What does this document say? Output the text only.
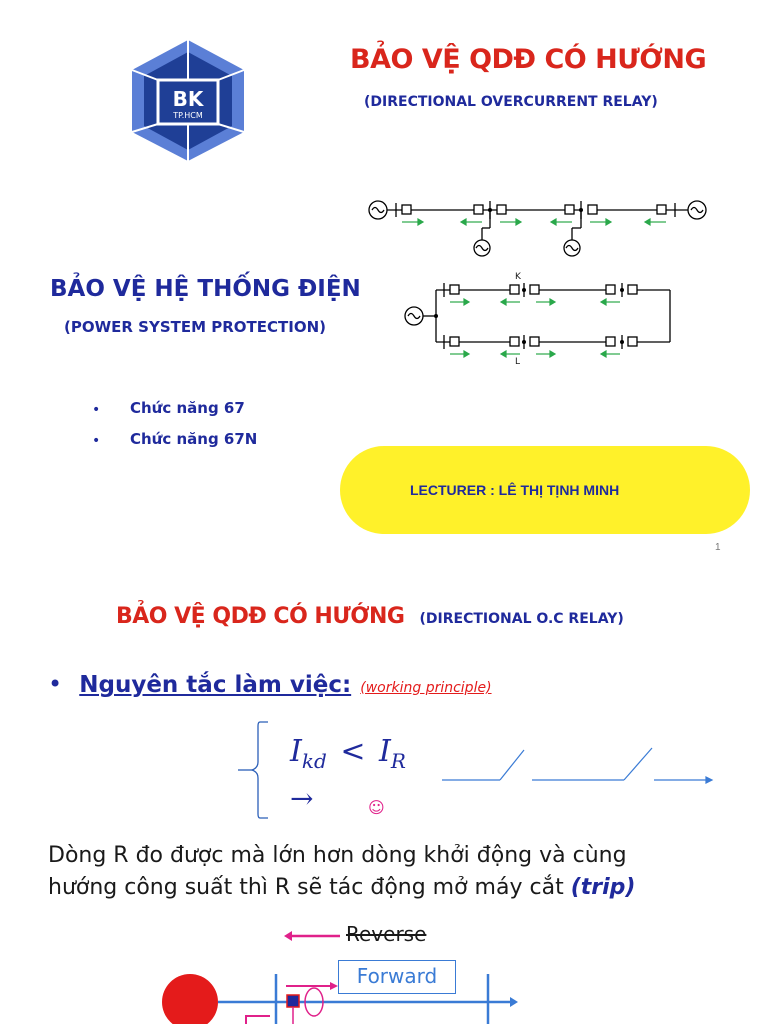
BK
TP.HCM
BẢO VỆ QDĐ CÓ HƯỚNG
(DIRECTIONAL OVERCURRENT RELAY)
BẢO VỆ HỆ THỐNG ĐIỆN
(POWER SYSTEM PROTECTION)
K
L
• Chức năng 67
• Chức năng 67N
LECTURER : LÊ THỊ TỊNH MINH
1
BẢO VỆ QDĐ CÓ HƯỚNG (DIRECTIONAL O.C RELAY)
• Nguyên tắc làm việc: (working principle)
$I_{kd} < I_R$
→	☺
Dòng R đo được mà lớn hơn dòng khởi động và cùng
hướng công suất thì R sẽ tác động mở máy cắt (trip)
Reverse
Forward
